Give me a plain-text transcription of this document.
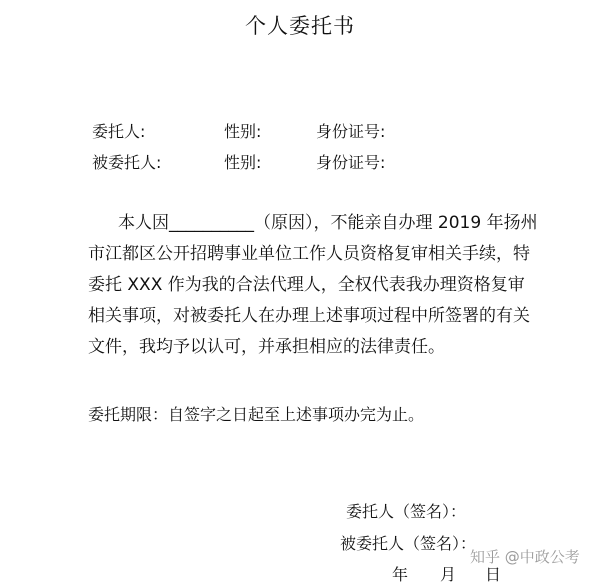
个人委托书
委托人:	性别:	身份证号:
被委托人:	性别:	身份证号:
本人因__________（原因），不能亲自办理 2019 年扬州
市江都区公开招聘事业单位工作人员资格复审相关手续，特
委托 XXX 作为我的合法代理人，全权代表我办理资格复审
相关事项，对被委托人在办理上述事项过程中所签署的有关
文件，我均予以认可，并承担相应的法律责任。
委托期限：自签字之日起至上述事项办完为止。
委托人（签名）：
被委托人（签名）：
年 月 日
知乎 @中政公考
